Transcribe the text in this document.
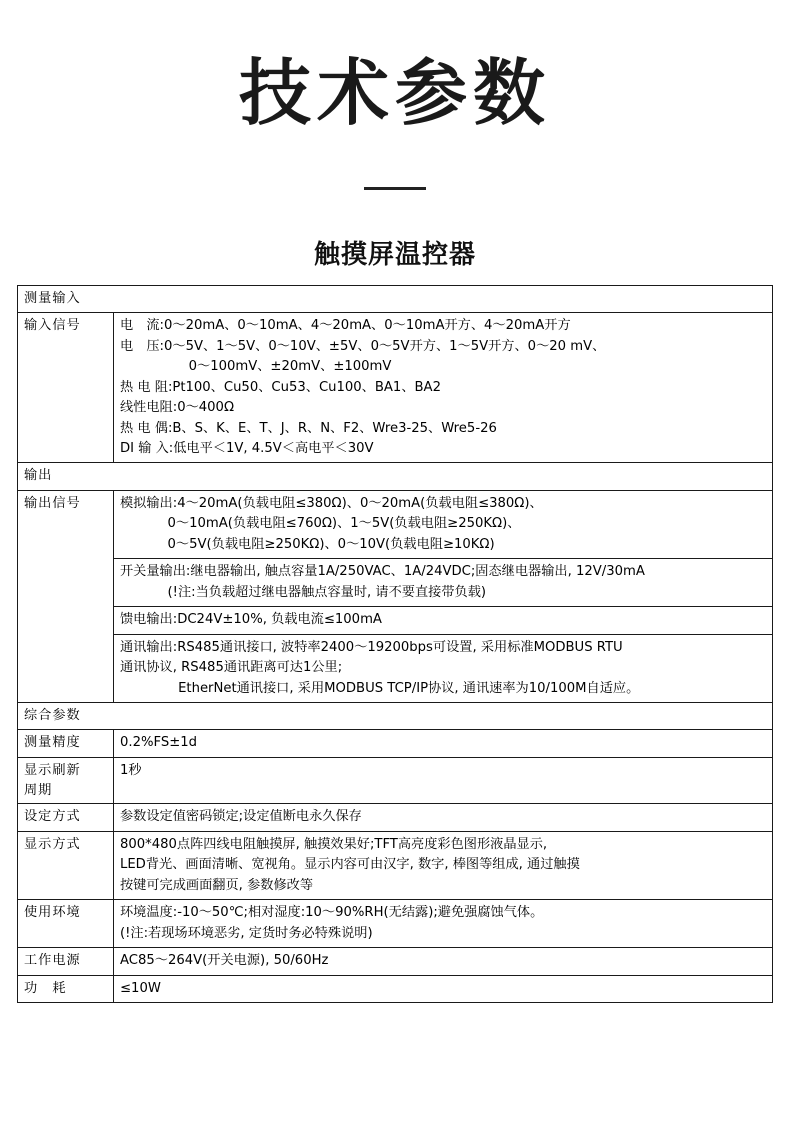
技术参数
触摸屏温控器
测量输入	
输入信号	电　流:0～20mA、0～10mA、4～20mA、0～10mA开方、4～20mA开方
电　压:0～5V、1～5V、0～10V、±5V、0～5V开方、1～5V开方、0～20 mV、
0～100mV、±20mV、±100mV
热 电 阻:Pt100、Cu50、Cu53、Cu100、BA1、BA2
线性电阻:0～400Ω
热 电 偶:B、S、K、E、T、J、R、N、F2、Wre3-25、Wre5-26
DI 输 入:低电平＜1V, 4.5V＜高电平＜30V

输出	
输出信号	模拟输出:4～20mA(负载电阻≤380Ω)、0～20mA(负载电阻≤380Ω)、
0～10mA(负载电阻≤760Ω)、1～5V(负载电阻≥250KΩ)、
0～5V(负载电阻≥250KΩ)、0～10V(负载电阻≥10KΩ)

	开关量输出:继电器输出, 触点容量1A/250VAC、1A/24VDC;固态继电器输出, 12V/30mA
(!注:当负载超过继电器触点容量时, 请不要直接带负载)

	馈电输出:DC24V±10%, 负载电流≤100mA

	通讯输出:RS485通讯接口, 波特率2400～19200bps可设置, 采用标准MODBUS RTU
通讯协议, RS485通讯距离可达1公里;
EtherNet通讯接口, 采用MODBUS TCP/IP协议, 通讯速率为10/100M自适应。

综合参数	
测量精度	0.2%FS±1d

显示刷新
周期	1秒
设定方式	参数设定值密码锁定;设定值断电永久保存
显示方式	800*480点阵四线电阻触摸屏, 触摸效果好;TFT高亮度彩色图形液晶显示,
LED背光、画面清晰、宽视角。显示内容可由汉字, 数字, 棒图等组成, 通过触摸
按键可完成画面翻页, 参数修改等

使用环境	环境温度:-10～50℃;相对湿度:10～90%RH(无结露);避免强腐蚀气体。
(!注:若现场环境恶劣, 定货时务必特殊说明)

工作电源	AC85～264V(开关电源), 50/60Hz
功　耗	≤10W
